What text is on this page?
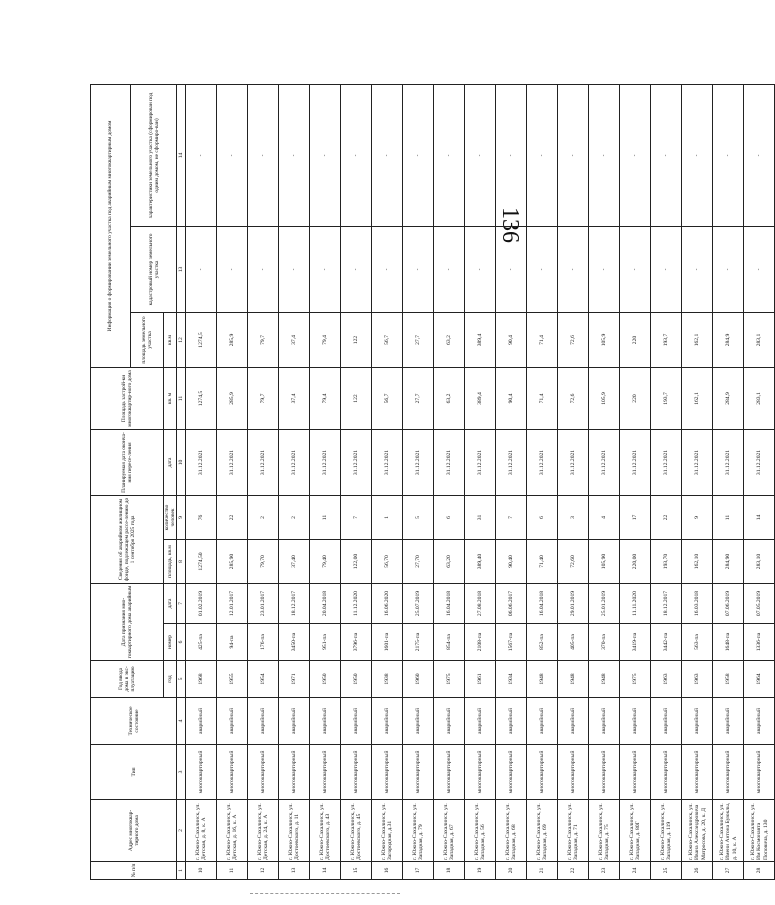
136
№ п/п	Адрес многоквар-тирного дома	Тип	Техническое состояние	Год ввода дома в экс-плуатацию	Дата признания мно-гоквартирного дома аварийным		Сведения об аварийном жилищном фонде, подлежащем рассе-лению до 1 сентября 2025 года		Планируемая дата оконча-ния пересе-ления	Площадь застрой-ки многоквартир-ного дома	Информация о формировании земельного участка под аварийным многоквартирным домом		
											площадь земельного участка	кадастровый номер земельного участка	характеристики земельного участка (сформирован под одним домом, не сформиро-ван)
				год	номер	дата	площадь, кв.м	количество человек	дата	кв. м	кв.м		
1	2	3	4	5	6	7	8	9	10	11	12	13	14
10	г. Южно-Сахалинск, ул. Детская, д. 8, к. А	многоквартирный	аварийный	1968	425-па	01.02.2019	1274,50	76	31.12.2021	1274,5	1274,5	-	-
11	г. Южно-Сахалинск, ул. Детская, д. 16, к. А	многоквартирный	аварийный	1955	94-па	12.01.2017	285,90	22	31.12.2021	285,9	285,9	-	-
12	г. Южно-Сахалинск, ул. Детская, д. 24, к. А	многоквартирный	аварийный	1954	176-па	23.01.2017	79,70	2	31.12.2021	79,7	79,7	-	-
13	г. Южно-Сахалинск, ул. Достоевского, д. 11	многоквартирный	аварийный	1971	3450-па	18.12.2017	37,40	2	31.12.2021	37,4	37,4	-	-
14	г. Южно-Сахалинск, ул. Достоевского, д. 43	многоквартирный	аварийный	1950	951-па	20.04.2018	79,40	11	31.12.2021	79,4	79,4	-	-
15	г. Южно-Сахалинск, ул. Достоевского, д. 45	многоквартирный	аварийный	1950	3796-па	11.12.2020	122,00	7	31.12.2021	122	122	-	-
16	г. Южно-Сахалинск, ул. Загородная, д.31	многоквартирный	аварийный	1938	1601-па	16.06.2020	56,70	1	31.12.2021	56,7	56,7	-	-
17	г. Южно-Сахалинск, ул. Западная, д. 79	многоквартирный	аварийный	1960	2175-па	25.07.2019	27,70	5	31.12.2021	27,7	27,7	-	-
18	г. Южно-Сахалинск, ул. Западная, д. 67	многоквартирный	аварийный	1975	854-па	16.04.2018	63,20	6	31.12.2021	63,2	63,2	-	-
19	г. Южно-Сахалинск, ул. Западная, д. 56	многоквартирный	аварийный	1961	2108-па	27.08.2018	389,40	31	31.12.2021	389,4	389,4	-	-
20	г. Южно-Сахалинск, ул. Западная, д. 68	многоквартирный	аварийный	1934	1567-па	06.06.2017	90,40	7	31.12.2021	90,4	90,4	-	-
21	г. Южно-Сахалинск, ул. Западная, д. 69	многоквартирный	аварийный	1948	852-па	16.04.2018	71,40	6	31.12.2021	71,4	71,4	-	-
22	г. Южно-Сахалинск, ул. Западная, д. 71	многоквартирный	аварийный	1948	405-па	29.01.2019	72,60	3	31.12.2021	72,6	72,6	-	-
23	г. Южно-Сахалинск, ул. Западная, д. 75	многоквартирный	аварийный	1948	370-па	25.01.2019	105,90	4	31.12.2021	105,9	105,9	-	-
24	г. Южно-Сахалинск, ул. Западная, д. 80Г	многоквартирный	аварийный	1975	3419-па	11.11.2020	220,00	17	31.12.2021	220	220	-	-
25	г. Южно-Сахалинск, ул. Западная, д. 119	многоквартирный	аварийный	1963	3442-па	18.12.2017	193,70	22	31.12.2021	193,7	193,7	-	-
26	г. Южно-Сахалинск, ул. Ивана Александровича Матросова, д. 20, к. Д	многоквартирный	аварийный	1963	563-па	16.03.2018	162,10	9	31.12.2021	162,1	162,1	-	-
27	г. Южно-Сахалинск, ул. Имени Антона Буюклы, д. 10, к. А	многоквартирный	аварийный	1958	1648-па	07.06.2019	284,90	11	31.12.2021	284,9	284,9	-	-
28	г. Южно-Сахалинск, ул. Им Космонавта Поповича, д. 130	многоквартирный	аварийный	1964	1336-па	07.05.2019	283,10	14	31.12.2021	283,1	283,1	-	-
